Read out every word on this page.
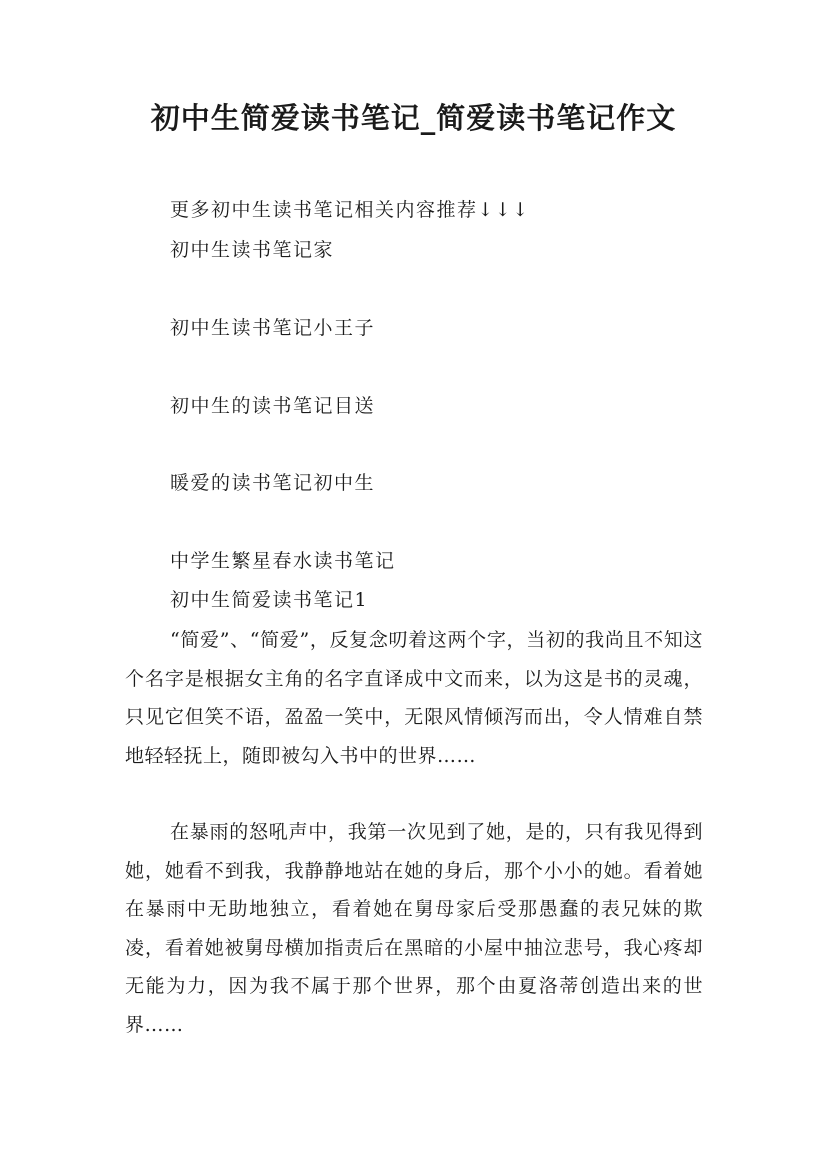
初中生简爱读书笔记_简爱读书笔记作文
更多初中生读书笔记相关内容推荐↓↓↓
初中生读书笔记家
初中生读书笔记小王子
初中生的读书笔记目送
暖爱的读书笔记初中生
中学生繁星春水读书笔记
初中生简爱读书笔记1

“简爱”、“简爱”，反复念叨着这两个字，当初的我尚且不知这个名字是根据女主角的名字直译成中文而来，以为这是书的灵魂，只见它但笑不语，盈盈一笑中，无限风情倾泻而出，令人情难自禁地轻轻抚上，随即被勾入书中的世界……

在暴雨的怒吼声中，我第一次见到了她，是的，只有我见得到她，她看不到我，我静静地站在她的身后，那个小小的她。看着她在暴雨中无助地独立，看着她在舅母家后受那愚蠢的表兄妹的欺凌，看着她被舅母横加指责后在黑暗的小屋中抽泣悲号，我心疼却无能为力，因为我不属于那个世界，那个由夏洛蒂创造出来的世界……
